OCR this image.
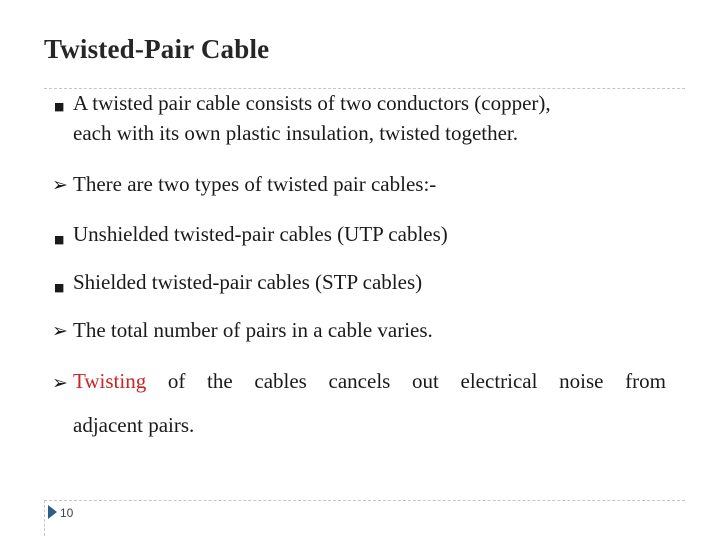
Twisted-Pair Cable
■ A twisted pair cable consists of two conductors (copper),
each with its own plastic insulation, twisted together.
➢ There are two types of twisted pair cables:-
■ Unshielded twisted-pair cables (UTP cables)
■ Shielded twisted-pair cables (STP cables)
➢ The total number of pairs in a cable varies.
➢ Twisting of the cables cancels out electrical noise from
adjacent pairs.
10
